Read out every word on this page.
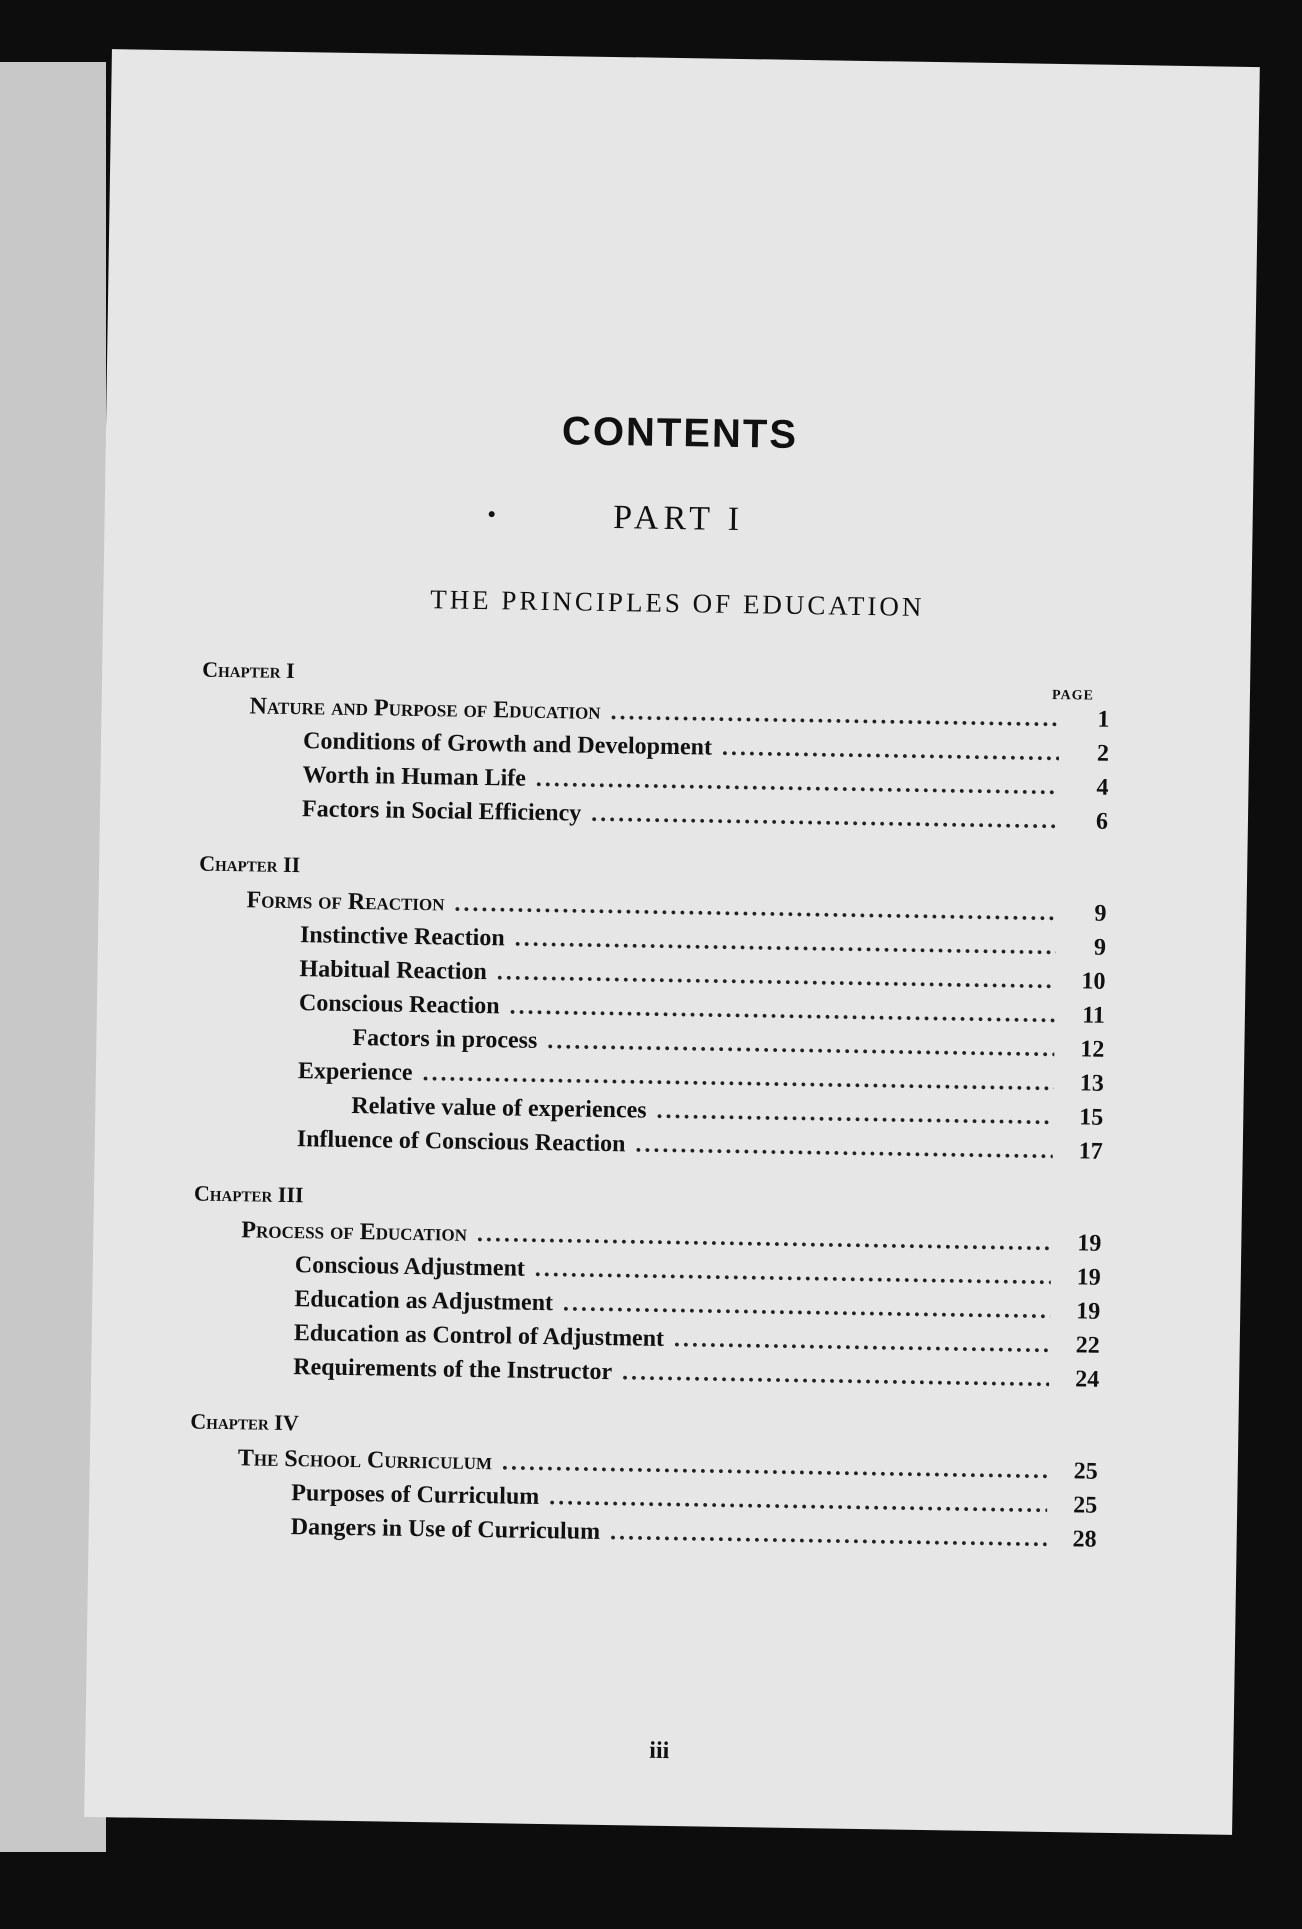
CONTENTS
PART I
THE PRINCIPLES OF EDUCATION
PAGE
Chapter I
Nature and Purpose of Education .....	1
Conditions of Growth and Development .....	2
Worth in Human Life .....	4
Factors in Social Efficiency .....	6
Chapter II
Forms of Reaction .....	9
Instinctive Reaction .....	9
Habitual Reaction .....	10
Conscious Reaction .....	11
Factors in process .....	12
Experience .....	13
Relative value of experiences .....	15
Influence of Conscious Reaction .....	17
Chapter III
Process of Education .....	19
Conscious Adjustment .....	19
Education as Adjustment .....	19
Education as Control of Adjustment .....	22
Requirements of the Instructor .....	24
Chapter IV
The School Curriculum .....	25
Purposes of Curriculum .....	25
Dangers in Use of Curriculum .....	28
iii
